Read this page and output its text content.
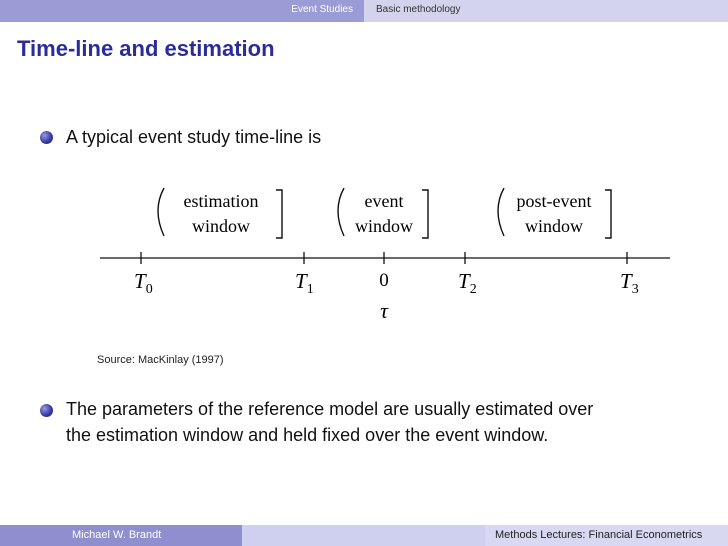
Event Studies Basic methodology
Time-line and estimation
A typical event study time-line is
estimation
window
event
window
post-event
window
$T_0$	$T_1$	0	$T_2$	$T_3$
τ
Source: MacKinlay (1997)
The parameters of the reference model are usually estimated over
the estimation window and held fixed over the event window.
Michael W. Brandt	Methods Lectures: Financial Econometrics
